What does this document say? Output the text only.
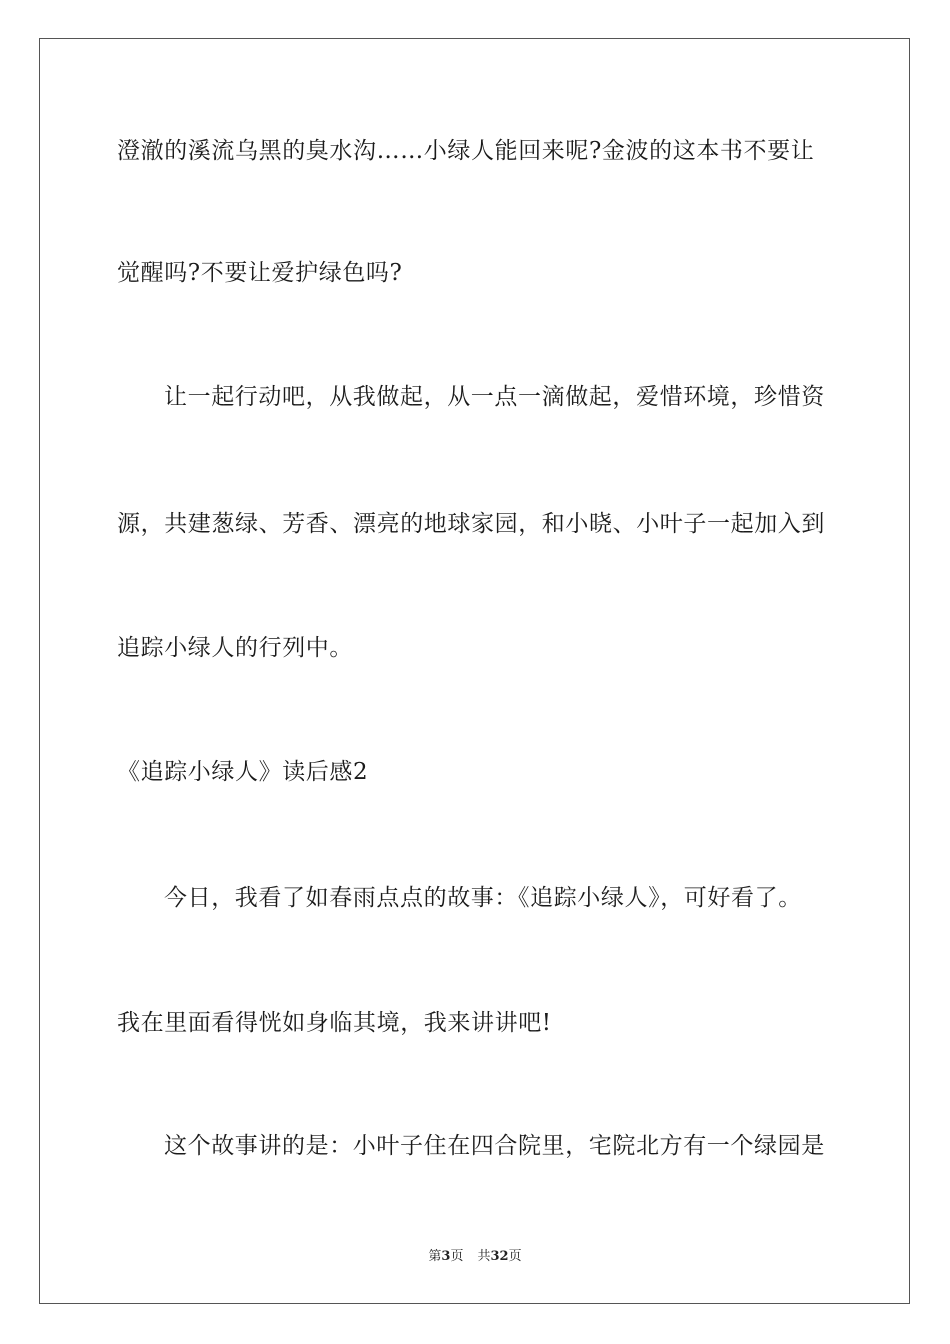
澄澈的溪流乌黑的臭水沟……小绿人能回来呢?金波的这本书不要让
觉醒吗?不要让爱护绿色吗?
让一起行动吧，从我做起，从一点一滴做起，爱惜环境，珍惜资
源，共建葱绿、芳香、漂亮的地球家园，和小晓、小叶子一起加入到
追踪小绿人的行列中。
《追踪小绿人》读后感2
今日，我看了如春雨点点的故事：《追踪小绿人》，可好看了。
我在里面看得恍如身临其境，我来讲讲吧!
这个故事讲的是：小叶子住在四合院里，宅院北方有一个绿园是
第3页 共32页
